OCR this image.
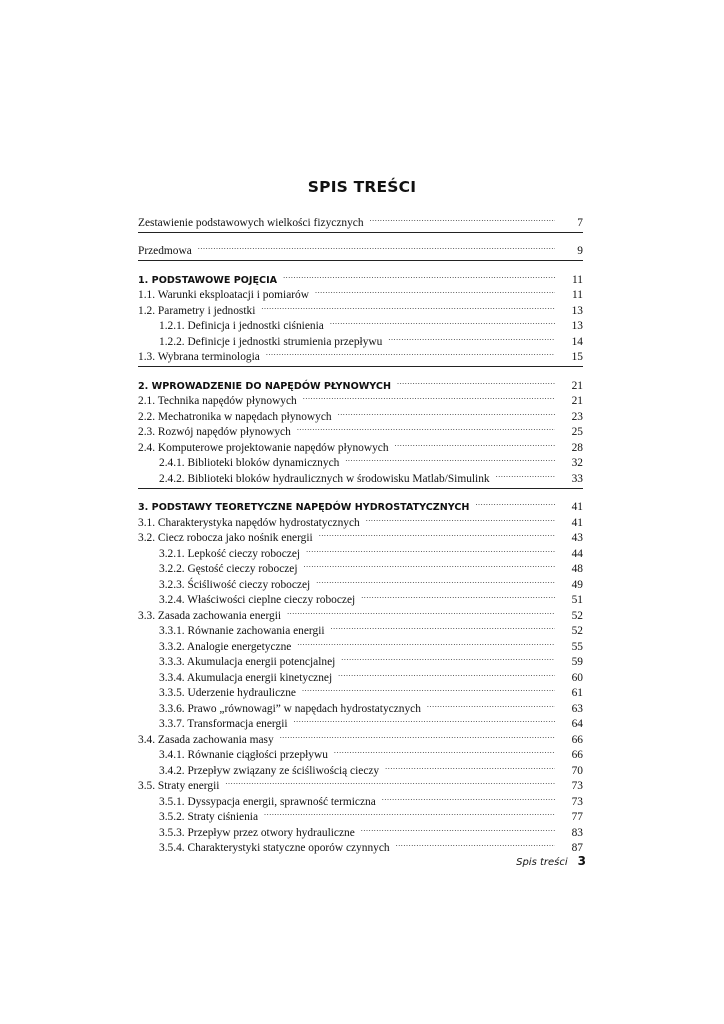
SPIS TREŚCI
Zestawienie podstawowych wielkości fizycznych .....	7
Przedmowa .....	9
1. PODSTAWOWE POJĘCIA .....	11
1.1. Warunki eksploatacji i pomiarów .....	11
1.2. Parametry i jednostki .....	13
1.2.1. Definicja i jednostki ciśnienia .....	13
1.2.2. Definicje i jednostki strumienia przepływu .....	14
1.3. Wybrana terminologia .....	15
2. WPROWADZENIE DO NAPĘDÓW PŁYNOWYCH .....	21
2.1. Technika napędów płynowych .....	21
2.2. Mechatronika w napędach płynowych .....	23
2.3. Rozwój napędów płynowych .....	25
2.4. Komputerowe projektowanie napędów płynowych .....	28
2.4.1. Biblioteki bloków dynamicznych .....	32
2.4.2. Biblioteki bloków hydraulicznych w środowisku Matlab/Simulink .....	33
3. PODSTAWY TEORETYCZNE NAPĘDÓW HYDROSTATYCZNYCH .....	41
3.1. Charakterystyka napędów hydrostatycznych .....	41
3.2. Ciecz robocza jako nośnik energii .....	43
3.2.1. Lepkość cieczy roboczej .....	44
3.2.2. Gęstość cieczy roboczej .....	48
3.2.3. Ściśliwość cieczy roboczej .....	49
3.2.4. Właściwości cieplne cieczy roboczej .....	51
3.3. Zasada zachowania energii .....	52
3.3.1. Równanie zachowania energii .....	52
3.3.2. Analogie energetyczne .....	55
3.3.3. Akumulacja energii potencjalnej .....	59
3.3.4. Akumulacja energii kinetycznej .....	60
3.3.5. Uderzenie hydrauliczne .....	61
3.3.6. Prawo „równowagi” w napędach hydrostatycznych .....	63
3.3.7. Transformacja energii .....	64
3.4. Zasada zachowania masy .....	66
3.4.1. Równanie ciągłości przepływu .....	66
3.4.2. Przepływ związany ze ściśliwością cieczy .....	70
3.5. Straty energii .....	73
3.5.1. Dyssypacja energii, sprawność termiczna .....	73
3.5.2. Straty ciśnienia .....	77
3.5.3. Przepływ przez otwory hydrauliczne .....	83
3.5.4. Charakterystyki statyczne oporów czynnych .....	87
Spis treści 3
